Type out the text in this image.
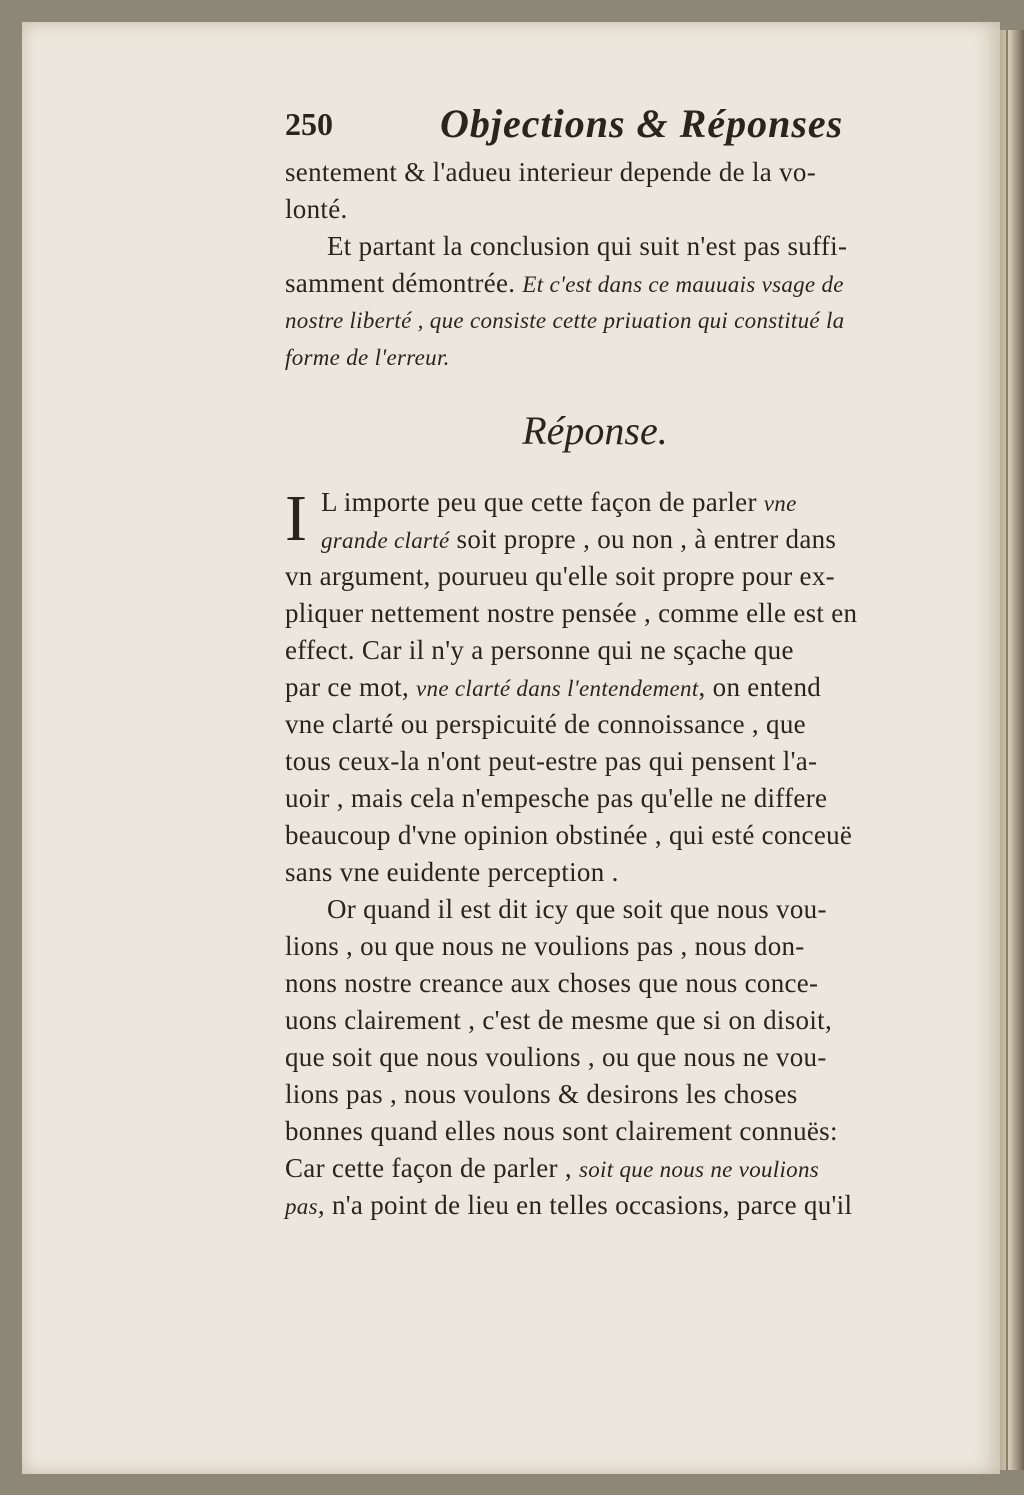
250	Objections & Réponses
sentement & l'adueu interieur depende de la vo-
lonté.
Et partant la conclusion qui suit n'est pas suffi-
samment démontrée. Et c'est dans ce mauuais vsage de
nostre liberté , que consiste cette priuation qui constitué la
forme de l'erreur.
Réponse.
I L importe peu que cette façon de parler vne
grande clarté soit propre , ou non , à entrer dans
vn argument, pourueu qu'elle soit propre pour ex-
pliquer nettement nostre pensée , comme elle est en
effect. Car il n'y a personne qui ne sçache que
par ce mot, vne clarté dans l'entendement, on entend
vne clarté ou perspicuité de connoissance , que
tous ceux-la n'ont peut-estre pas qui pensent l'a-
uoir , mais cela n'empesche pas qu'elle ne differe
beaucoup d'vne opinion obstinée , qui esté conceuë
sans vne euidente perception .
Or quand il est dit icy que soit que nous vou-
lions , ou que nous ne voulions pas , nous don-
nons nostre creance aux choses que nous conce-
uons clairement , c'est de mesme que si on disoit,
que soit que nous voulions , ou que nous ne vou-
lions pas , nous voulons & desirons les choses
bonnes quand elles nous sont clairement connuës:
Car cette façon de parler , soit que nous ne voulions
pas, n'a point de lieu en telles occasions, parce qu'il
